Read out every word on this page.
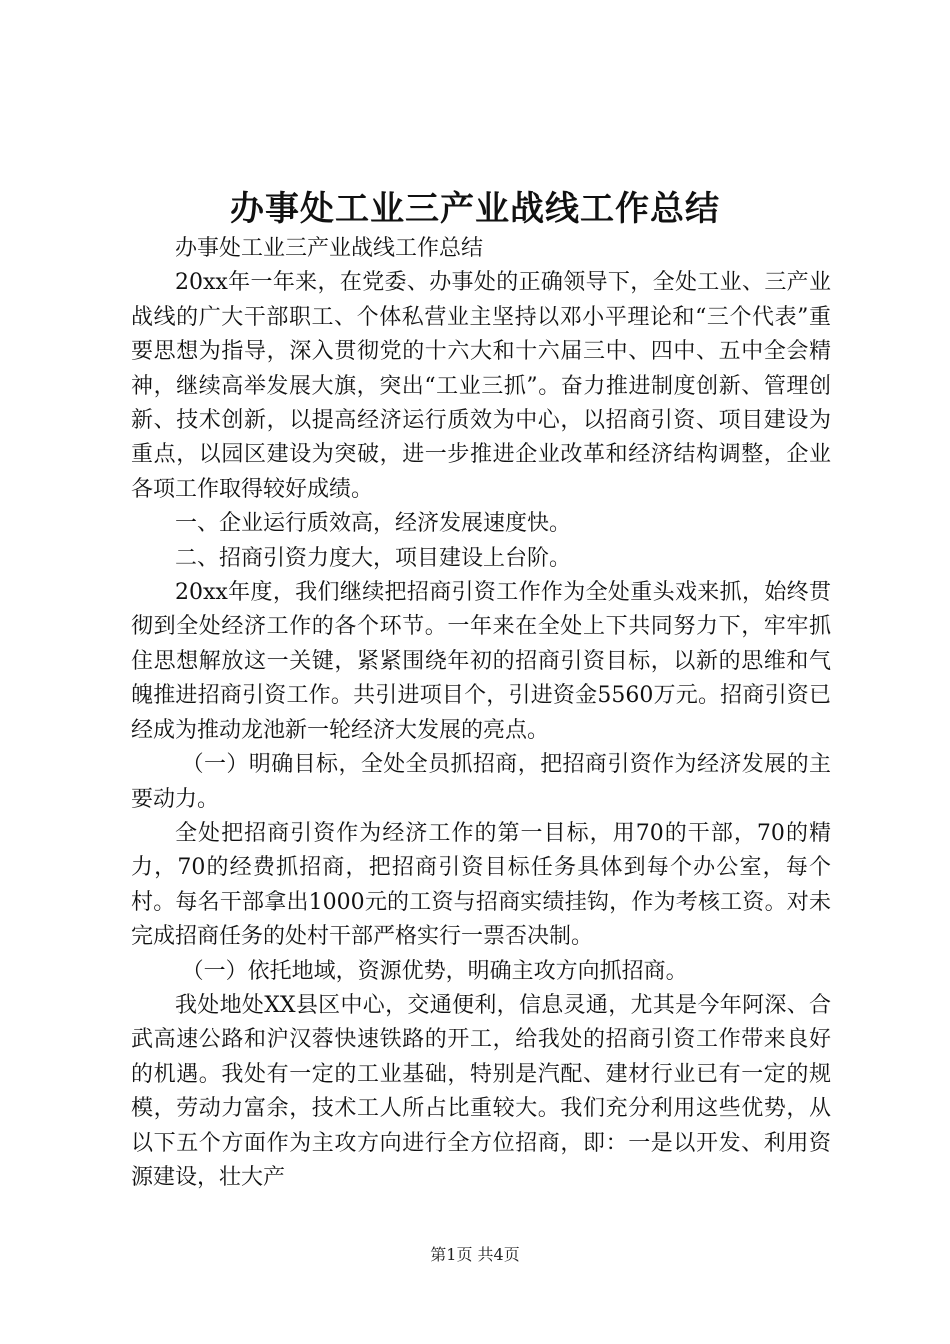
办事处工业三产业战线工作总结

办事处工业三产业战线工作总结

20xx年一年来，在党委、办事处的正确领导下，全处工业、三产业战线的广大干部职工、个体私营业主坚持以邓小平理论和“三个代表”重要思想为指导，深入贯彻党的十六大和十六届三中、四中、五中全会精神，继续高举发展大旗，突出“工业三抓”。奋力推进制度创新、管理创新、技术创新，以提高经济运行质效为中心，以招商引资、项目建设为重点，以园区建设为突破，进一步推进企业改革和经济结构调整，企业各项工作取得较好成绩。

一、企业运行质效高，经济发展速度快。

二、招商引资力度大，项目建设上台阶。

20xx年度，我们继续把招商引资工作作为全处重头戏来抓，始终贯彻到全处经济工作的各个环节。一年来在全处上下共同努力下，牢牢抓住思想解放这一关键，紧紧围绕年初的招商引资目标，以新的思维和气魄推进招商引资工作。共引进项目个，引进资金5560万元。招商引资已经成为推动龙池新一轮经济大发展的亮点。

（一）明确目标，全处全员抓招商，把招商引资作为经济发展的主要动力。

全处把招商引资作为经济工作的第一目标，用70的干部，70的精力，70的经费抓招商，把招商引资目标任务具体到每个办公室，每个村。每名干部拿出1000元的工资与招商实绩挂钩，作为考核工资。对未完成招商任务的处村干部严格实行一票否决制。

（一）依托地域，资源优势，明确主攻方向抓招商。

我处地处XX县区中心，交通便利，信息灵通，尤其是今年阿深、合武高速公路和沪汉蓉快速铁路的开工，给我处的招商引资工作带来良好的机遇。我处有一定的工业基础，特别是汽配、建材行业已有一定的规模，劳动力富余，技术工人所占比重较大。我们充分利用这些优势，从以下五个方面作为主攻方向进行全方位招商，即：一是以开发、利用资源建设，壮大产

第1页 共4页
